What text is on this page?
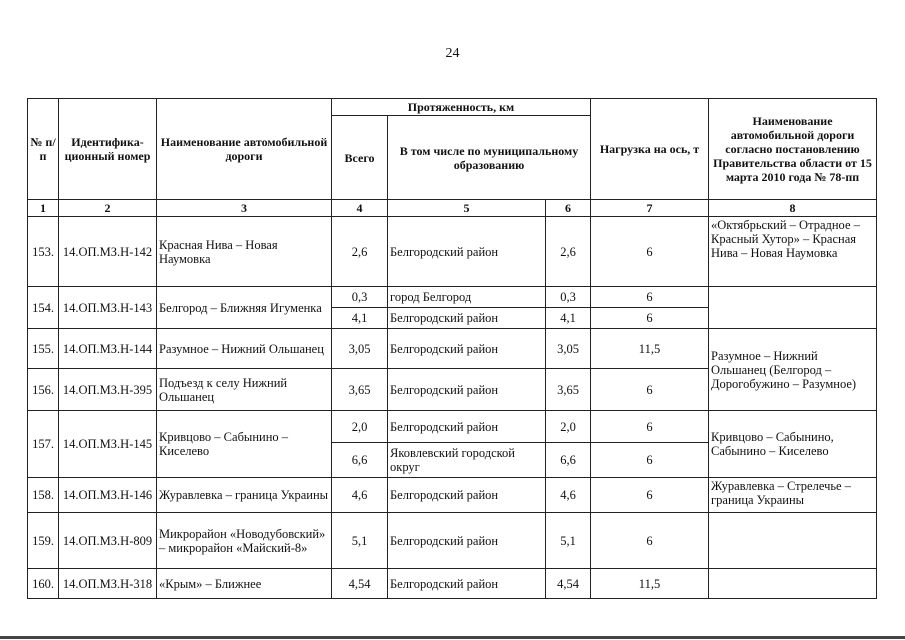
24
№ п/п	Идентифика-ционный номер	Наименование автомобильной дороги	Протяженность, км			Нагрузка на ось, т	Наименование автомобильной дороги согласно постановлению Правительства области от 15 марта 2010 года № 78-пп
			Всего	В том числе по муниципальному образованию			
1	2	3	4	5	6	7	8
153.	14.ОП.МЗ.Н-142	Красная Нива – Новая Наумовка	2,6	Белгородский район	2,6	6	«Октябрьский – Отрадное – Красный Хутор» – Красная Нива – Новая Наумовка
154.	14.ОП.МЗ.Н-143	Белгород – Ближняя Игуменка	0,3	город Белгород	0,3	6	
			4,1	Белгородский район	4,1	6	
155.	14.ОП.МЗ.Н-144	Разумное – Нижний Ольшанец	3,05	Белгородский район	3,05	11,5	Разумное – Нижний Ольшанец (Белгород – Дорогобужино – Разумное)
156.	14.ОП.МЗ.Н-395	Подъезд к селу Нижний Ольшанец	3,65	Белгородский район	3,65	6	
157.	14.ОП.МЗ.Н-145	Кривцово – Сабынино – Киселево	2,0	Белгородский район	2,0	6	Кривцово – Сабынино, Сабынино – Киселево
			6,6	Яковлевский городской округ	6,6	6	
158.	14.ОП.МЗ.Н-146	Журавлевка – граница Украины	4,6	Белгородский район	4,6	6	Журавлевка – Стрелечье – граница Украины
159.	14.ОП.МЗ.Н-809	Микрорайон «Новодубовский» – микрорайон «Майский-8»	5,1	Белгородский район	5,1	6	
160.	14.ОП.МЗ.Н-318	«Крым» – Ближнее	4,54	Белгородский район	4,54	11,5	
